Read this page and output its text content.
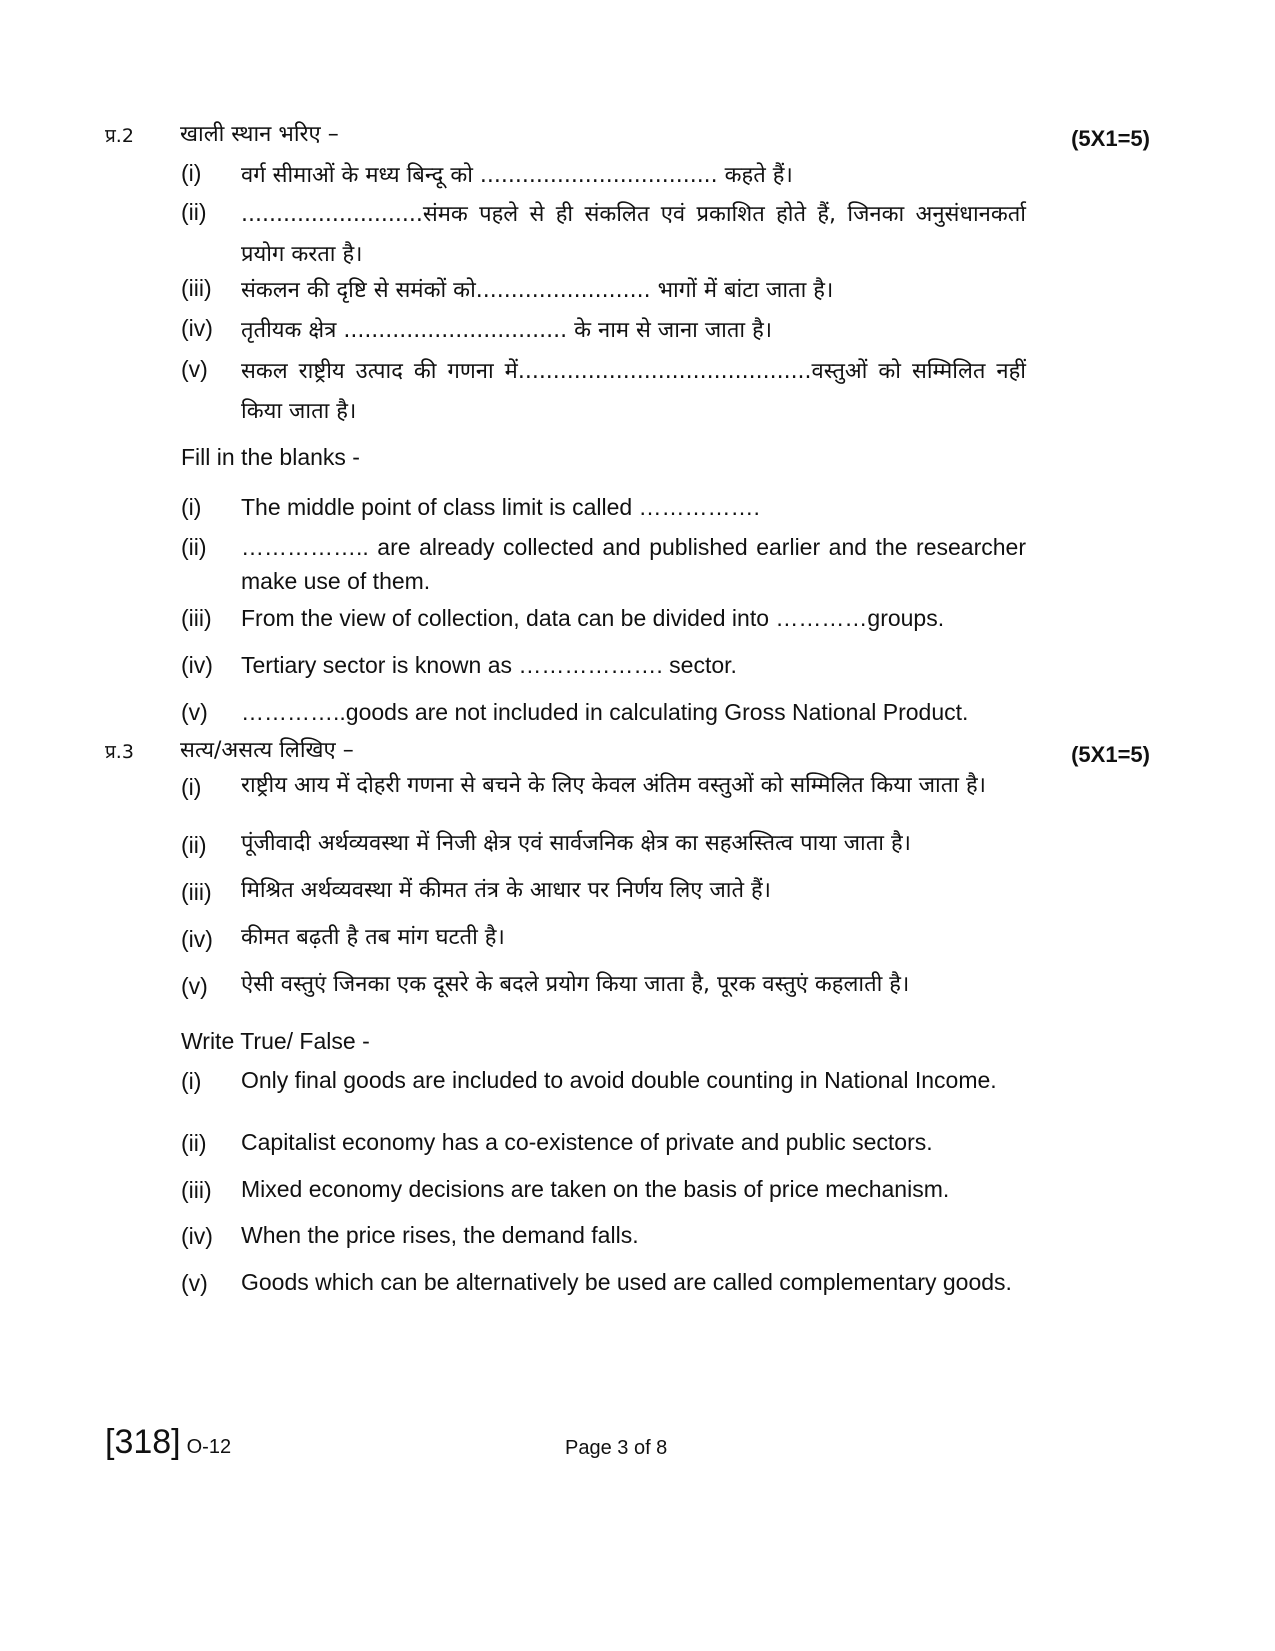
प्र.2 खाली स्थान भरिए –	(5X1=5)
(i)	वर्ग सीमाओं के मध्य बिन्दू को .................................. कहते हैं।
(ii)	..........................संमक पहले से ही संकलित एवं प्रकाशित होते हैं, जिनका अनुसंधानकर्ता प्रयोग करता है।
(iii)	संकलन की दृष्टि से समंकों को......................... भागों में बांटा जाता है।
(iv)	तृतीयक क्षेत्र ................................ के नाम से जाना जाता है।
(v)	सकल राष्ट्रीय उत्पाद की गणना में..........................................वस्तुओं को सम्मिलित नहीं किया जाता है।
Fill in the blanks -
(i)	The middle point of class limit is called …………….
(ii)	…………….. are already collected and published earlier and the researcher make use of them.
(iii)	From the view of collection, data can be divided into …………groups.
(iv)	Tertiary sector is known as ………………. sector.
(v)	…………..goods are not included in calculating Gross National Product.
प्र.3 सत्य/असत्य लिखिए –	(5X1=5)
(i)	राष्ट्रीय आय में दोहरी गणना से बचने के लिए केवल अंतिम वस्तुओं को सम्मिलित किया जाता है।
(ii)	पूंजीवादी अर्थव्यवस्था में निजी क्षेत्र एवं सार्वजनिक क्षेत्र का सहअस्तित्व पाया जाता है।
(iii)	मिश्रित अर्थव्यवस्था में कीमत तंत्र के आधार पर निर्णय लिए जाते हैं।
(iv)	कीमत बढ़ती है तब मांग घटती है।
(v)	ऐसी वस्तुएं जिनका एक दूसरे के बदले प्रयोग किया जाता है, पूरक वस्तुएं कहलाती है।
Write True/ False -
(i)	Only final goods are included to avoid double counting in National Income.
(ii)	Capitalist economy has a co-existence of private and public sectors.
(iii)	Mixed economy decisions are taken on the basis of price mechanism.
(iv)	When the price rises, the demand falls.
(v)	Goods which can be alternatively be used are called complementary goods.
[318] O-12	Page 3 of 8
